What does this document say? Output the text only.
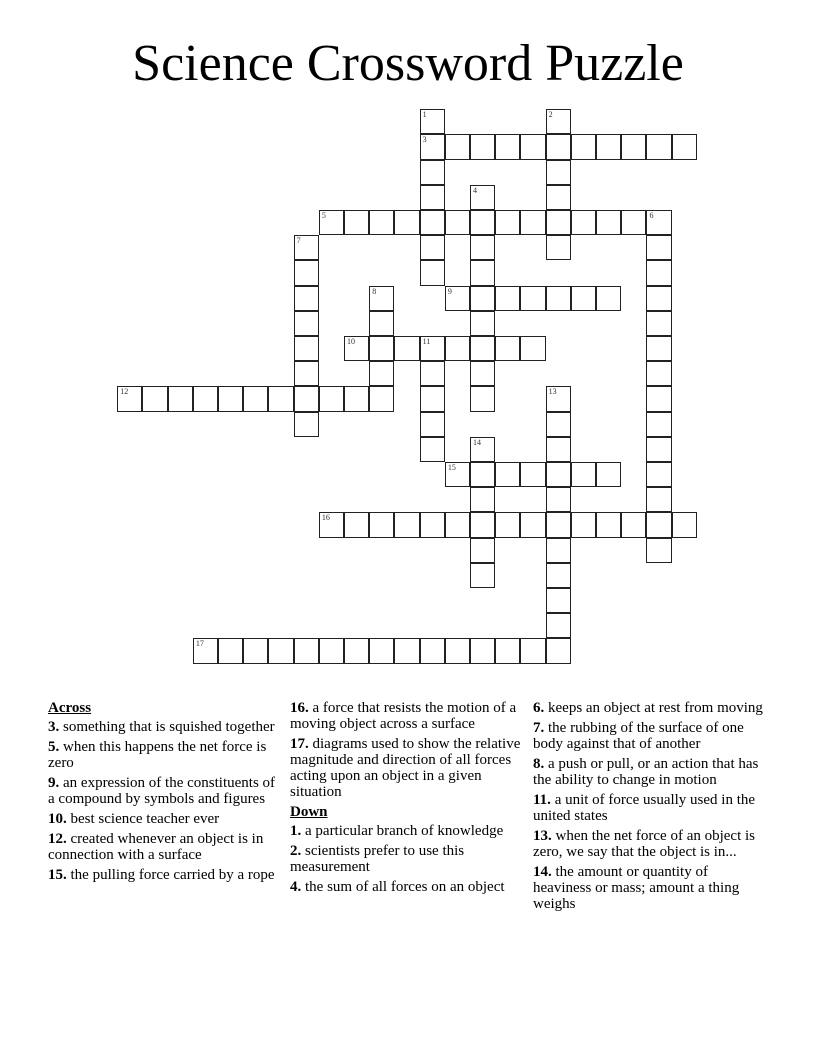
Science Crossword Puzzle
1
3
2
4
5	6
7
8	9
10	11
12	13
14
15
16
17
Across
3. something that is squished together
5. when this happens the net force is zero
9. an expression of the constituents of a compound by symbols and figures
10. best science teacher ever
12. created whenever an object is in connection with a surface
15. the pulling force carried by a rope
16. a force that resists the motion of a moving object across a surface
17. diagrams used to show the relative magnitude and direction of all forces acting upon an object in a given situation
Down
1. a particular branch of knowledge
2. scientists prefer to use this measurement
4. the sum of all forces on an object
6. keeps an object at rest from moving
7. the rubbing of the surface of one body against that of another
8. a push or pull, or an action that has the ability to change in motion
11. a unit of force usually used in the united states
13. when the net force of an object is zero, we say that the object is in...
14. the amount or quantity of heaviness or mass; amount a thing weighs
